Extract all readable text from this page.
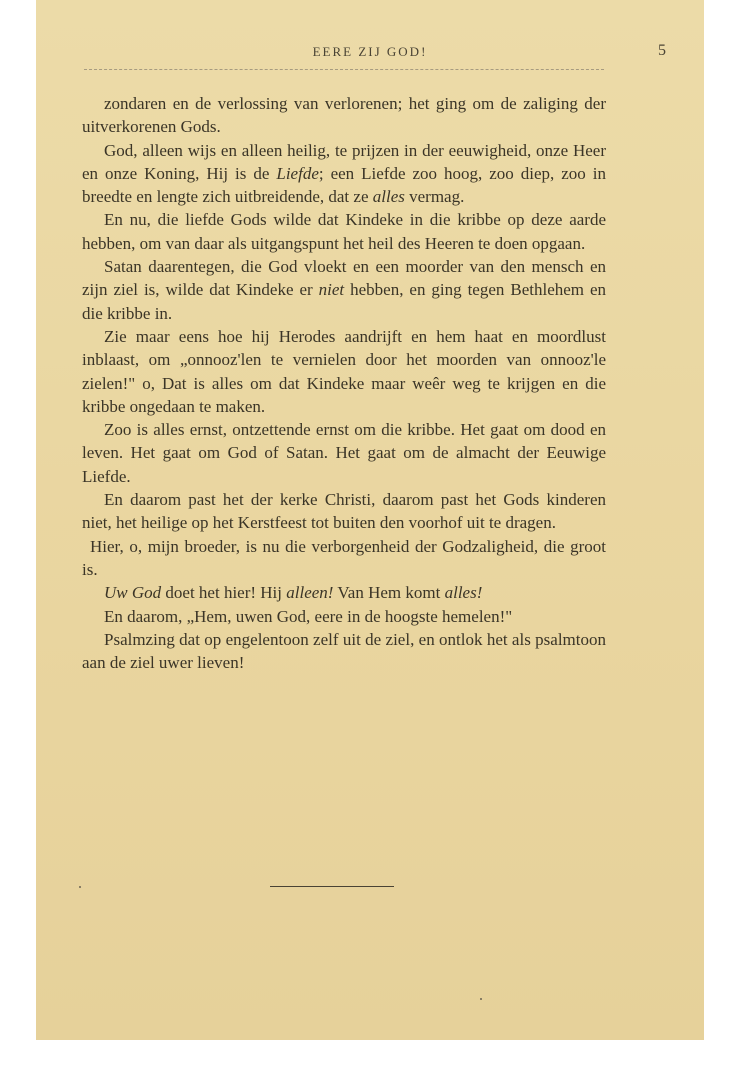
EERE ZIJ GOD!	5

zondaren en de verlossing van verlorenen; het ging om de zaliging der uitverkorenen Gods.

God, alleen wijs en alleen heilig, te prijzen in der eeuwigheid, onze Heer en onze Koning, Hij is de Liefde; een Liefde zoo hoog, zoo diep, zoo in breedte en lengte zich uitbreidende, dat ze alles vermag.

En nu, die liefde Gods wilde dat Kindeke in die kribbe op deze aarde hebben, om van daar als uitgangspunt het heil des Heeren te doen opgaan.

Satan daarentegen, die God vloekt en een moorder van den mensch en zijn ziel is, wilde dat Kindeke er niet hebben, en ging tegen Bethlehem en die kribbe in.

Zie maar eens hoe hij Herodes aandrijft en hem haat en moordlust inblaast, om „onnooz'len te vernielen door het moorden van onnooz'le zielen!" o, Dat is alles om dat Kindeke maar weêr weg te krijgen en die kribbe ongedaan te maken.

Zoo is alles ernst, ontzettende ernst om die kribbe. Het gaat om dood en leven. Het gaat om God of Satan. Het gaat om de almacht der Eeuwige Liefde.

En daarom past het der kerke Christi, daarom past het Gods kinderen niet, het heilige op het Kerstfeest tot buiten den voorhof uit te dragen.

Hier, o, mijn broeder, is nu die verborgenheid der Godzaligheid, die groot is.

Uw God doet het hier! Hij alleen! Van Hem komt alles!

En daarom, „Hem, uwen God, eere in de hoogste hemelen!"

Psalmzing dat op engelentoon zelf uit de ziel, en ontlok het als psalmtoon aan de ziel uwer lieven!
